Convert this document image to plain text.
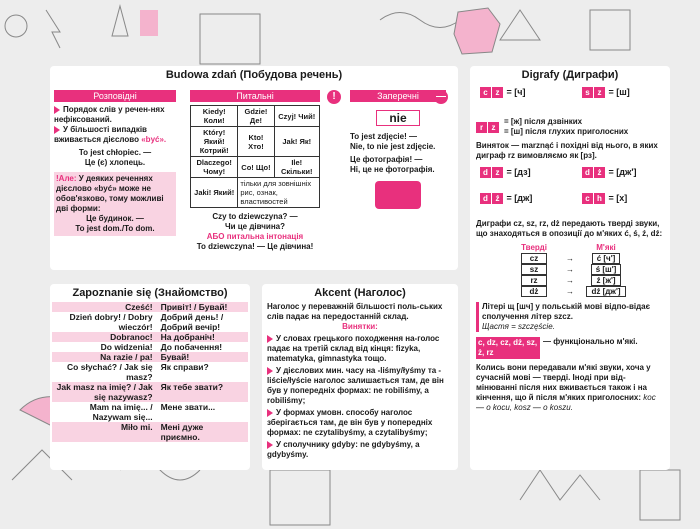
Budowa zdań (Побудова речень)
Розповідні
Порядок слів у речен-нях нефіксований.
У більшості випадків вживається дієслово «być».
To jest chłopiec. —
Це (є) хлопець.
!Але: У деяких реченнях дієслово «być» може не обов'язково, тому можливі дві форми:
Це будинок. —
To jest dom./To dom.
Питальні
Kiedy! Коли!	Gdzie! Де!	Czyj! Чий!
Który! Який! Котрий!	Kto! Хто!	Jak! Як!
Dlaczego! Чому!	Co! Що!	Ile! Скільки!
Jaki! Який!	тільки для зовнішніх рис, ознак, властивостей	
Czy to dziewczyna? —
Чи це дівчина?
АБО питальна інтонація
To dziewczyna! — Це дівчина!
!	Заперечні
nie
To jest zdjęcie! —
Nie, to nie jest zdjęcie.
Це фотографія! —
Ні, це не фотографія.
—
Digrafy (Диграфи)
c z = [ч]	s z = [ш]
r	z
= [ж] після дзвінких
= [ш] після глухих приголосних
Виняток — marznąć і похідні від нього, в яких диграф rz вимовляємо як [рз].
d z = [дз]	d ż = [дж']
d ź = [дж]	c h = [х]
Диграфи cz, sz, rz, dż передають тверді звуки, що знаходяться в опозиції до м'яких ć, ś, ź, dź:
Тверді		М'які
cz	→	ć [ч']
sz	→	ś [ш']
rz	→	ź [ж']
dż	→	dź [дж']
Літері щ [шч] у польській мові відпо-відає сполучення літер szcz.
Щастя = szczęście.
c, dz, cz, dż, sz, ż, rz
— функціонально м'які.
Колись вони передавали м'які звуки, хоча у сучасній мові — тверді. Іноді при від-мінюванні після них вживається також і на кінчення, що й після м'яких приголосних: koc — o kocu, kosz — o koszu.
Zapoznanie się (Знайомство)
Cześć!	Привіт! / Бувай!
Dzień dobry! / Dobry wieczór!	Добрий день! / Добрий вечір!
Dobranoc!	На добраніч!
Do widzenia!	До побачення!
Na razie / pa!	Бувай!
Co słychać? / Jak się masz?	Як справи?
Jak masz na imię? / Jak się nazywasz?	Як тебе звати?
Mam na imię... / Nazywam się...	Мене звати...
Miło mi.	Мені дуже приємно.
Akcent (Наголос)
Наголос у переважній більшості поль-ських слів падає на передостанній склад.
Винятки:
У словах грецького походження на-голос падає на третій склад від кінця: fizyka, matematyka, gimnastyka тощо.
У дієслових мин. часу на -liśmy/łyśmy та -liście/łyście наголос залишається там, де він був у попередніх формах: ne robiliśmy, a robiliśmy;
У формах умовн. способу наголос зберігається там, де він був у попередніх формах: ne czytalibyśmy, a czytalibyśmy;
У сполучнику gdyby: ne gdybyśmy, a gdybyśmy.
